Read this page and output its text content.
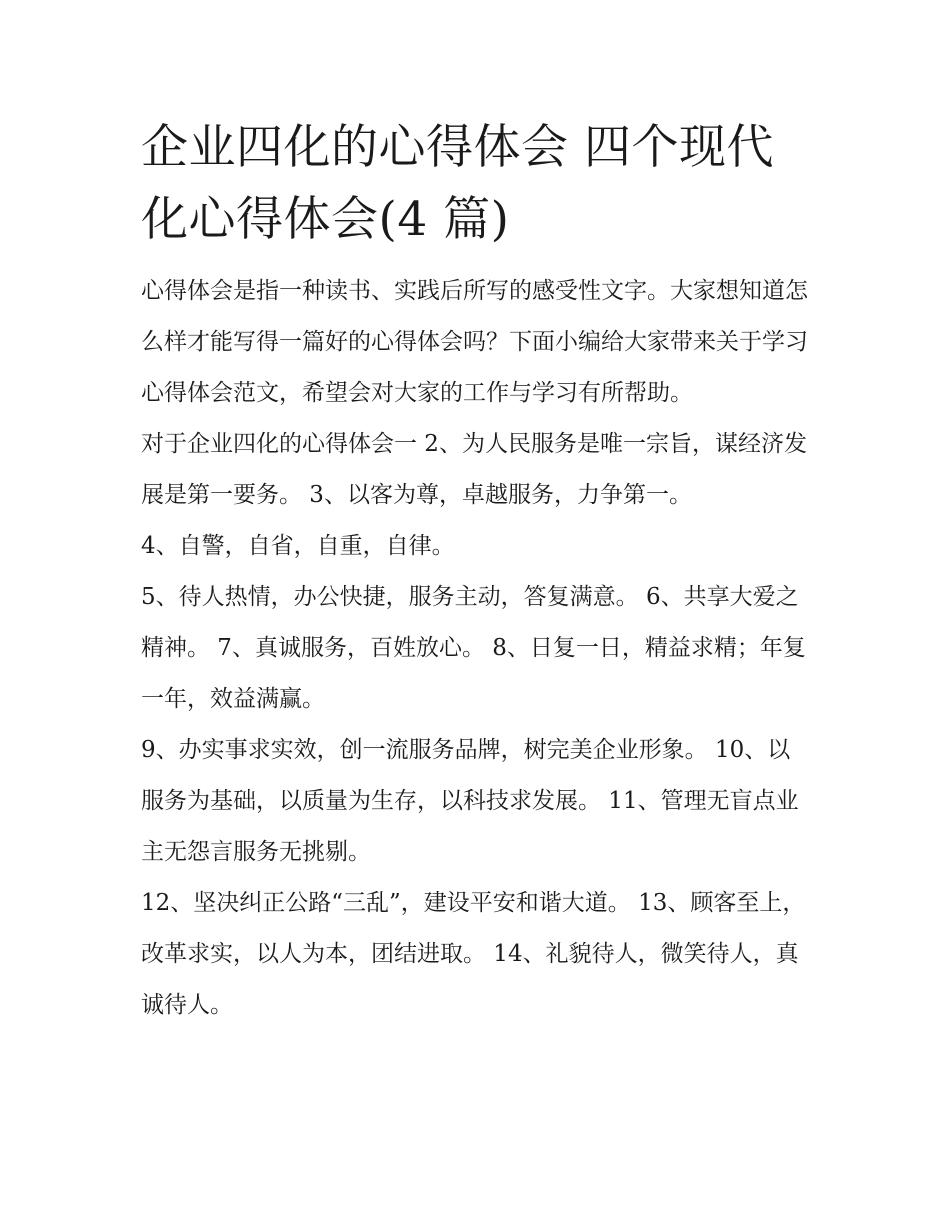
企业四化的心得体会 四个现代化心得体会(4 篇)

心得体会是指一种读书、实践后所写的感受性文字。大家想知道怎么样才能写得一篇好的心得体会吗？下面小编给大家带来关于学习心得体会范文，希望会对大家的工作与学习有所帮助。

对于企业四化的心得体会一 2、为人民服务是唯一宗旨，谋经济发展是第一要务。 3、以客为尊，卓越服务，力争第一。

4、自警，自省，自重，自律。

5、待人热情，办公快捷，服务主动，答复满意。 6、共享大爱之精神。 7、真诚服务，百姓放心。 8、日复一日，精益求精；年复一年，效益满赢。

9、办实事求实效，创一流服务品牌，树完美企业形象。 10、以服务为基础，以质量为生存，以科技求发展。 11、管理无盲点业主无怨言服务无挑剔。

12、坚决纠正公路“三乱”，建设平安和谐大道。 13、顾客至上，改革求实，以人为本，团结进取。 14、礼貌待人，微笑待人，真诚待人。
